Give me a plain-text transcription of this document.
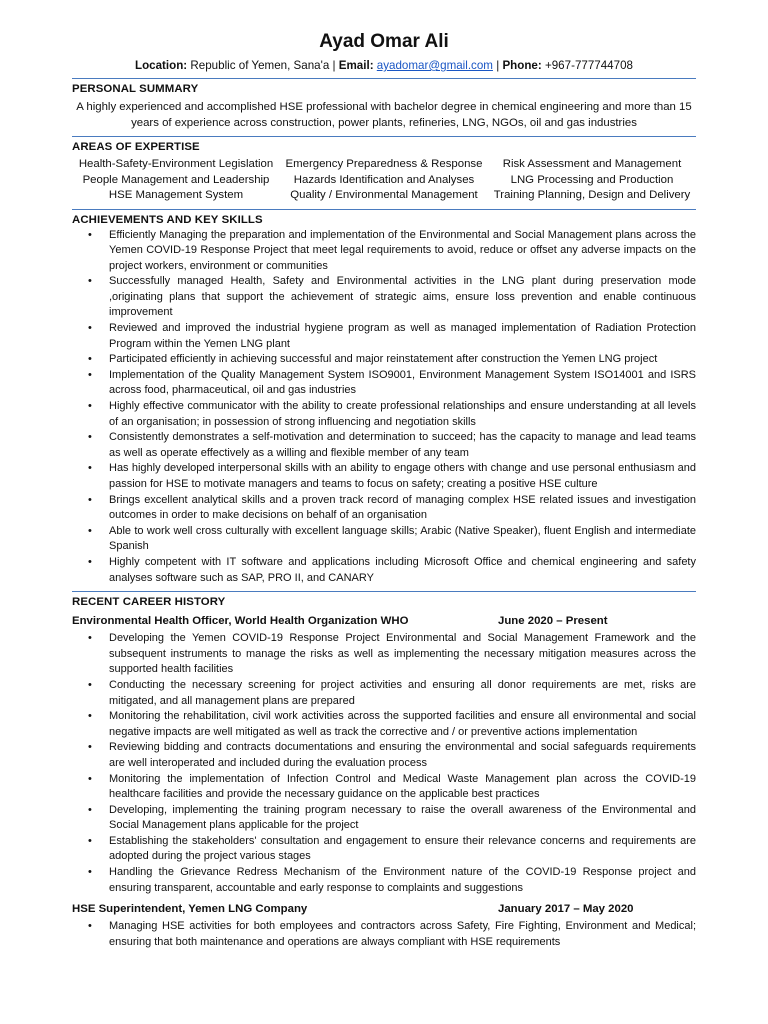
Ayad Omar Ali
Location: Republic of Yemen, Sana'a | Email: ayadomar@gmail.com | Phone: +967-777744708
PERSONAL SUMMARY
A highly experienced and accomplished HSE professional with bachelor degree in chemical engineering and more than 15 years of experience across construction, power plants, refineries, LNG, NGOs, oil and gas industries
AREAS OF EXPERTISE
Health-Safety-Environment Legislation
People Management and Leadership
HSE Management System
Emergency Preparedness & Response
Hazards Identification and Analyses
Quality / Environmental Management
Risk Assessment and Management
LNG Processing and Production
Training Planning, Design and Delivery
ACHIEVEMENTS AND KEY SKILLS
• Efficiently Managing the preparation and implementation of the Environmental and Social Management plans across the Yemen COVID-19 Response Project that meet legal requirements to avoid, reduce or offset any adverse impacts on the project workers, environment or communities
• Successfully managed Health, Safety and Environmental activities in the LNG plant during preservation mode ,originating plans that support the achievement of strategic aims, ensure loss prevention and enable continuous improvement
• Reviewed and improved the industrial hygiene program as well as managed implementation of Radiation Protection Program within the Yemen LNG plant
• Participated efficiently in achieving successful and major reinstatement after construction the Yemen LNG project
• Implementation of the Quality Management System ISO9001, Environment Management System ISO14001 and ISRS across food, pharmaceutical, oil and gas industries
• Highly effective communicator with the ability to create professional relationships and ensure understanding at all levels of an organisation; in possession of strong influencing and negotiation skills
• Consistently demonstrates a self-motivation and determination to succeed; has the capacity to manage and lead teams as well as operate effectively as a willing and flexible member of any team
• Has highly developed interpersonal skills with an ability to engage others with change and use personal enthusiasm and passion for HSE to motivate managers and teams to focus on safety; creating a positive HSE culture
• Brings excellent analytical skills and a proven track record of managing complex HSE related issues and investigation outcomes in order to make decisions on behalf of an organisation
• Able to work well cross culturally with excellent language skills; Arabic (Native Speaker), fluent English and intermediate Spanish
• Highly competent with IT software and applications including Microsoft Office and chemical engineering and safety analyses software such as SAP, PRO II, and CANARY
RECENT CAREER HISTORY
Environmental Health Officer, World Health Organization WHO	June 2020 – Present
• Developing the Yemen COVID-19 Response Project Environmental and Social Management Framework and the subsequent instruments to manage the risks as well as implementing the necessary mitigation measures across the supported health facilities
• Conducting the necessary screening for project activities and ensuring all donor requirements are met, risks are mitigated, and all management plans are prepared
• Monitoring the rehabilitation, civil work activities across the supported facilities and ensure all environmental and social negative impacts are well mitigated as well as track the corrective and / or preventive actions implementation
• Reviewing bidding and contracts documentations and ensuring the environmental and social safeguards requirements are well interoperated and included during the evaluation process
• Monitoring the implementation of Infection Control and Medical Waste Management plan across the COVID-19 healthcare facilities and provide the necessary guidance on the applicable best practices
• Developing, implementing the training program necessary to raise the overall awareness of the Environmental and Social Management plans applicable for the project
• Establishing the stakeholders' consultation and engagement to ensure their relevance concerns and requirements are adopted during the project various stages
• Handling the Grievance Redress Mechanism of the Environment nature of the COVID-19 Response project and ensuring transparent, accountable and early response to complaints and suggestions
HSE Superintendent, Yemen LNG Company	January 2017 – May 2020
• Managing HSE activities for both employees and contractors across Safety, Fire Fighting, Environment and Medical; ensuring that both maintenance and operations are always compliant with HSE requirements
